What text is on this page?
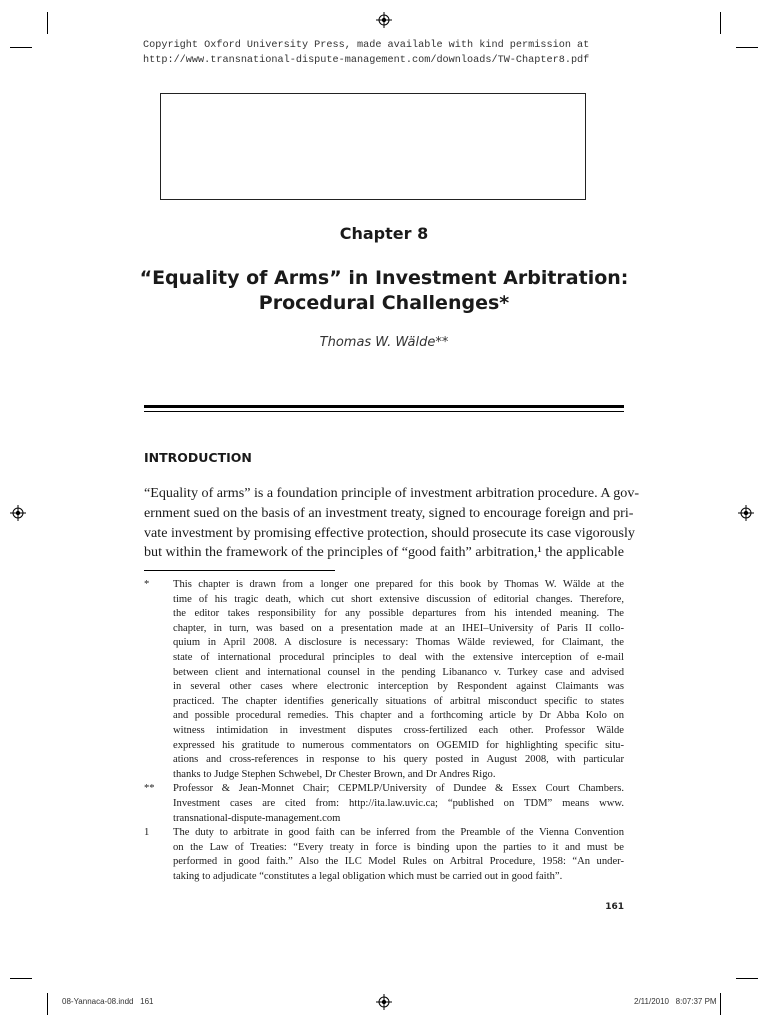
Copyright Oxford University Press, made available with kind permission at
http://www.transnational-dispute-management.com/downloads/TW-Chapter8.pdf
Chapter 8
“Equality of Arms” in Investment Arbitration:
Procedural Challenges*
Thomas W. Wälde**
INTRODUCTION
“Equality of arms” is a foundation principle of investment arbitration procedure. A gov-
ernment sued on the basis of an investment treaty, signed to encourage foreign and pri-
vate investment by promising effective protection, should prosecute its case vigorously
but within the framework of the principles of “good faith” arbitration,¹ the applicable
* This chapter is drawn from a longer one prepared for this book by Thomas W. Wälde at the
time of his tragic death, which cut short extensive discussion of editorial changes. Therefore,
the editor takes responsibility for any possible departures from his intended meaning. The
chapter, in turn, was based on a presentation made at an IHEI–University of Paris II collo-
quium in April 2008. A disclosure is necessary: Thomas Wälde reviewed, for Claimant, the
state of international procedural principles to deal with the extensive interception of e-mail
between client and international counsel in the pending Libananco v. Turkey case and advised
in several other cases where electronic interception by Respondent against Claimants was
practiced. The chapter identifies generically situations of arbitral misconduct specific to states
and possible procedural remedies. This chapter and a forthcoming article by Dr Abba Kolo on
witness intimidation in investment disputes cross-fertilized each other. Professor Wälde
expressed his gratitude to numerous commentators on OGEMID for highlighting specific situ-
ations and cross-references in response to his query posted in August 2008, with particular
thanks to Judge Stephen Schwebel, Dr Chester Brown, and Dr Andres Rigo.
** Professor & Jean-Monnet Chair; CEPMLP/University of Dundee & Essex Court Chambers.
Investment cases are cited from: http://ita.law.uvic.ca; “published on TDM” means www.
transnational-dispute-management.com
1 The duty to arbitrate in good faith can be inferred from the Preamble of the Vienna Convention
on the Law of Treaties: “Every treaty in force is binding upon the parties to it and must be
performed in good faith.” Also the ILC Model Rules on Arbitral Procedure, 1958: “An under-
taking to adjudicate “constitutes a legal obligation which must be carried out in good faith”.
161
08-Yannaca-08.indd   161	2/11/2010   8:07:37 PM
